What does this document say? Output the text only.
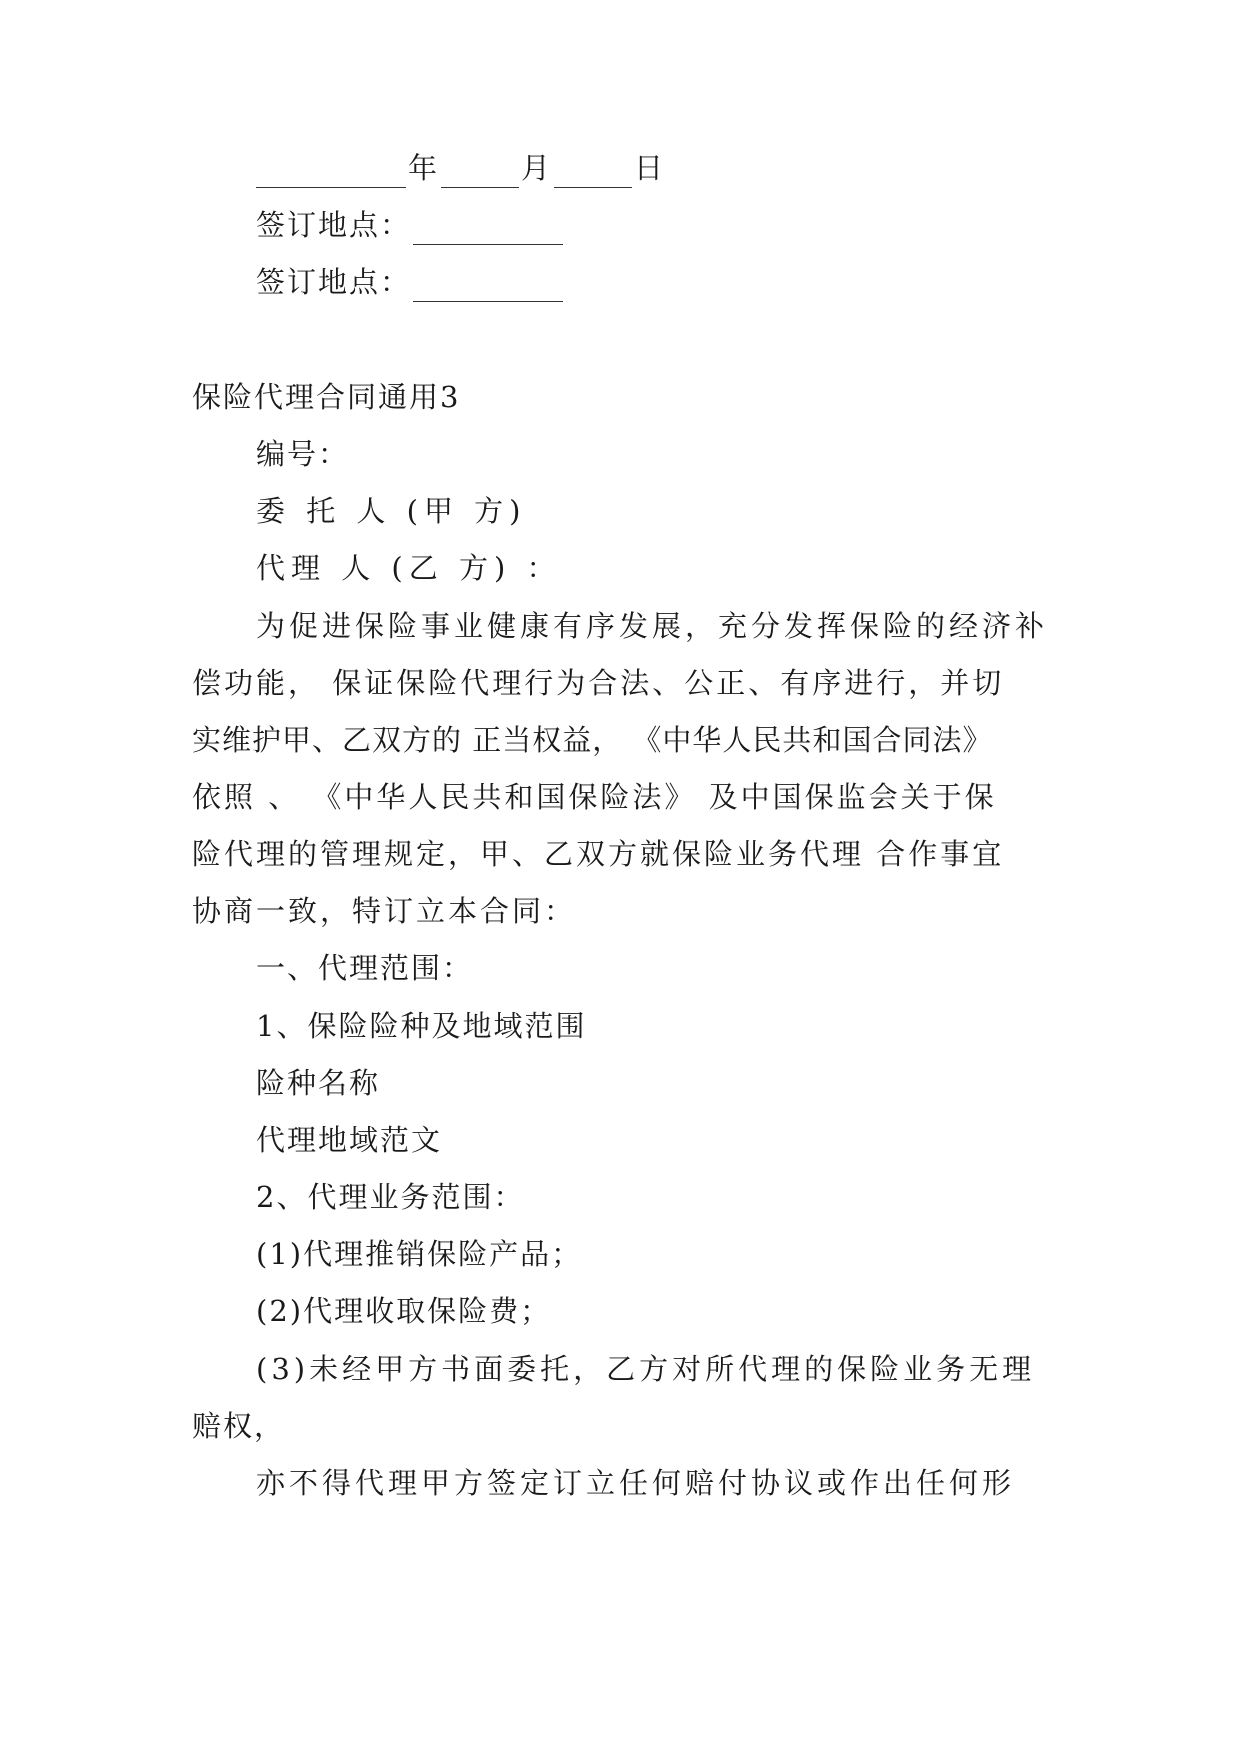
年	月	日
签订地点：
签订地点：
保险代理合同通用3
编号：
委 托 人 (甲 方)
代理 人 (乙 方) ：
为促进保险事业健康有序发展，充分发挥保险的经济补
偿功能， 保证保险代理行为合法、公正、有序进行，并切
实维护甲、乙双方的 正当权益， 《中华人民共和国合同法》
依照 、 《中华人民共和国保险法》 及中国保监会关于保
险代理的管理规定，甲、乙双方就保险业务代理 合作事宜
协商一致，特订立本合同：
一、代理范围：
1、保险险种及地域范围
险种名称
代理地域范文
2、代理业务范围：
(1)代理推销保险产品；
(2)代理收取保险费；
(3)未经甲方书面委托，乙方对所代理的保险业务无理
赔权，
亦不得代理甲方签定订立任何赔付协议或作出任何形
